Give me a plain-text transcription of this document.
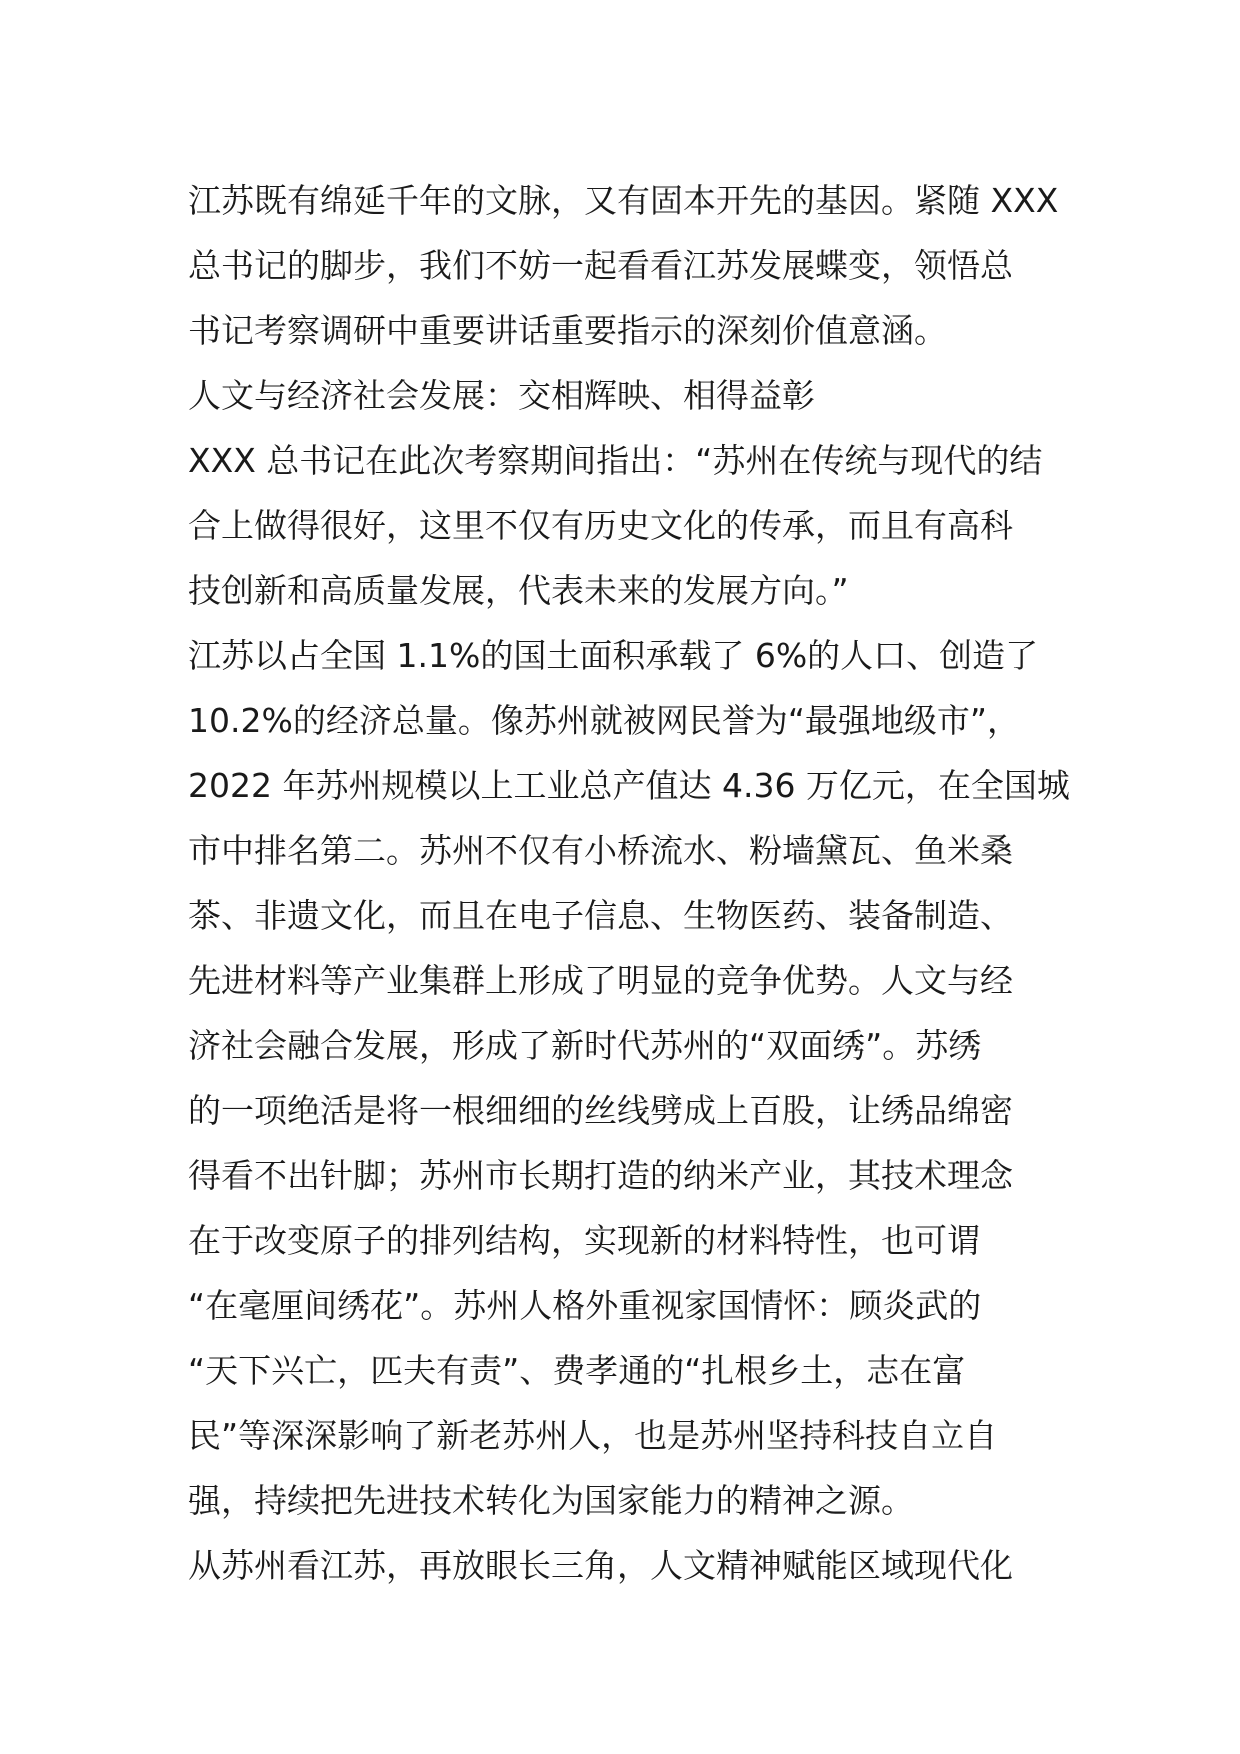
江苏既有绵延千年的文脉，又有固本开先的基因。紧随 XXX
总书记的脚步，我们不妨一起看看江苏发展蝶变，领悟总
书记考察调研中重要讲话重要指示的深刻价值意涵。
人文与经济社会发展：交相辉映、相得益彰
XXX 总书记在此次考察期间指出：“苏州在传统与现代的结
合上做得很好，这里不仅有历史文化的传承，而且有高科
技创新和高质量发展，代表未来的发展方向。”
江苏以占全国 1.1%的国土面积承载了 6%的人口、创造了
10.2%的经济总量。像苏州就被网民誉为“最强地级市”，
2022 年苏州规模以上工业总产值达 4.36 万亿元，在全国城
市中排名第二。苏州不仅有小桥流水、粉墙黛瓦、鱼米桑
茶、非遗文化，而且在电子信息、生物医药、装备制造、
先进材料等产业集群上形成了明显的竞争优势。人文与经
济社会融合发展，形成了新时代苏州的“双面绣”。苏绣
的一项绝活是将一根细细的丝线劈成上百股，让绣品绵密
得看不出针脚；苏州市长期打造的纳米产业，其技术理念
在于改变原子的排列结构，实现新的材料特性，也可谓
“在毫厘间绣花”。苏州人格外重视家国情怀：顾炎武的
“天下兴亡，匹夫有责”、费孝通的“扎根乡土，志在富
民”等深深影响了新老苏州人，也是苏州坚持科技自立自
强，持续把先进技术转化为国家能力的精神之源。
从苏州看江苏，再放眼长三角，人文精神赋能区域现代化
